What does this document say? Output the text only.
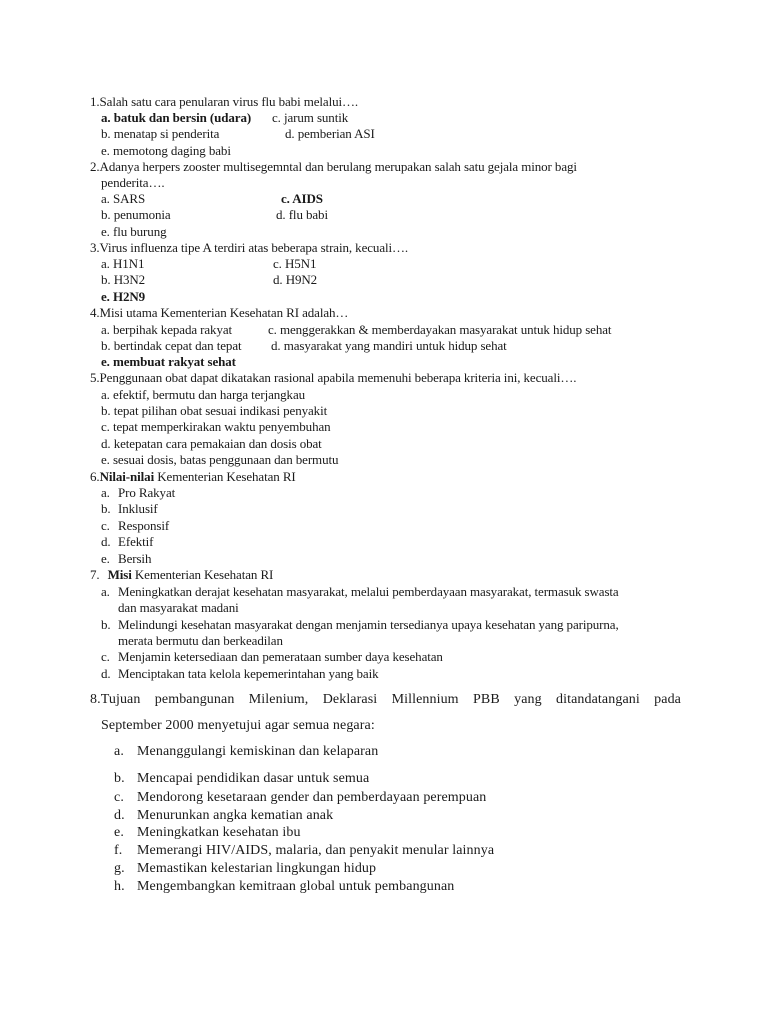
1.Salah satu cara penularan virus flu babi melalui….
a. batuk dan bersin (udara) c. jarum suntik
b. menatap si penderita	d. pemberian ASI
e. memotong daging babi
2.Adanya herpers zooster multisegemntal dan berulang merupakan salah satu gejala minor bagi
penderita….
a. SARS	c. AIDS
b. penumonia	d. flu babi
e. flu burung
3.Virus influenza tipe A terdiri atas beberapa strain, kecuali….
a. H1N1	c. H5N1
b. H3N2	d. H9N2
e. H2N9
4.Misi utama Kementerian Kesehatan RI adalah…
a. berpihak kepada rakyat	c. menggerakkan & memberdayakan masyarakat untuk hidup sehat
b. bertindak cepat dan tepat d. masyarakat yang mandiri untuk hidup sehat
e. membuat rakyat sehat
5.Penggunaan obat dapat dikatakan rasional apabila memenuhi beberapa kriteria ini, kecuali….
a. efektif, bermutu dan harga terjangkau
b. tepat pilihan obat sesuai indikasi penyakit
c. tepat memperkirakan waktu penyembuhan
d. ketepatan cara pemakaian dan dosis obat
e. sesuai dosis, batas penggunaan dan bermutu
6.Nilai-nilai Kementerian Kesehatan RI
a. Pro Rakyat
b. Inklusif
c. Responsif
d. Efektif
e. Bersih
7. Misi Kementerian Kesehatan RI
a. Meningkatkan derajat kesehatan masyarakat, melalui pemberdayaan masyarakat, termasuk swasta
dan masyarakat madani
b. Melindungi kesehatan masyarakat dengan menjamin tersedianya upaya kesehatan yang paripurna,
merata bermutu dan berkeadilan
c. Menjamin ketersediaan dan pemerataan sumber daya kesehatan
d. Menciptakan tata kelola kepemerintahan yang baik
8.Tujuan pembangunan Milenium, Deklarasi Millennium PBB yang ditandatangani pada
September 2000 menyetujui agar semua negara:
a. Menanggulangi kemiskinan dan kelaparan
b. Mencapai pendidikan dasar untuk semua
c. Mendorong kesetaraan gender dan pemberdayaan perempuan
d. Menurunkan angka kematian anak
e. Meningkatkan kesehatan ibu
f. Memerangi HIV/AIDS, malaria, dan penyakit menular lainnya
g. Memastikan kelestarian lingkungan hidup
h. Mengembangkan kemitraan global untuk pembangunan
